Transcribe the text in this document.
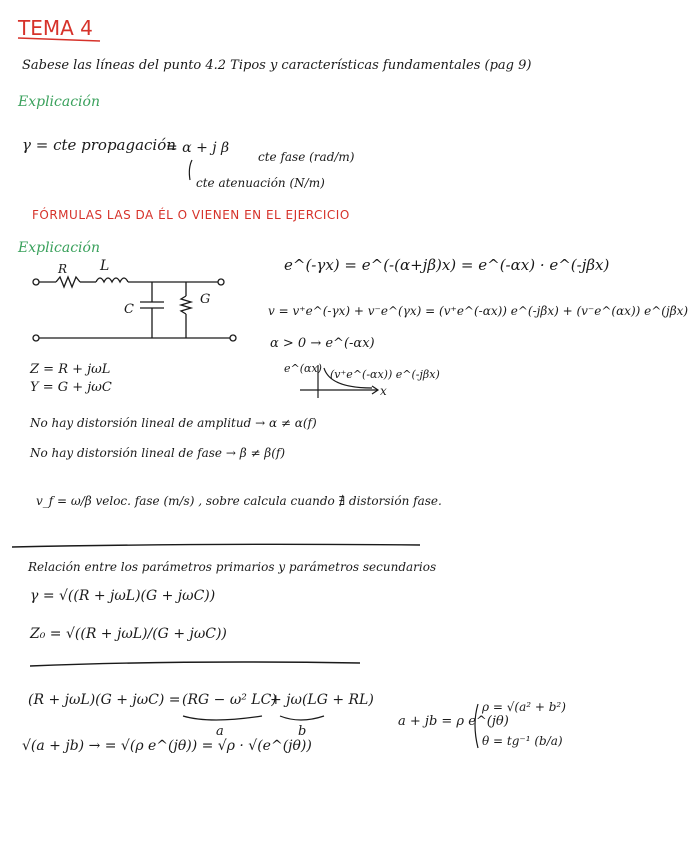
TEMA 4
Sabese las líneas del punto 4.2 Tipos y características fundamentales (pag 9)
Explicación
γ = cte propagación
= α + j β
cte fase (rad/m)
cte atenuación (N/m)
FÓRMULAS LAS DA ÉL O VIENEN EN EL EJERCICIO
Explicación
R L
C
G
e^(-γx) = e^(-(α+jβ)x) = e^(-αx) · e^(-jβx)
v = v⁺e^(-γx) + v⁻e^(γx) = (v⁺e^(-αx)) e^(-jβx) + (v⁻e^(αx)) e^(jβx)
α > 0 → e^(-αx)
e^(αx) (v⁺e^(-αx)) e^(-jβx)
x
Z = R + jωL
Y = G + jωC
No hay distorsión lineal de amplitud → α ≠ α(f)
No hay distorsión lineal de fase → β ≠ β(f)
v_f = ω/β veloc. fase (m/s) , sobre calcula cuando ∄ distorsión fase.
Relación entre los parámetros primarios y parámetros secundarios
γ = √((R + jωL)(G + jωC))
Z₀ = √((R + jωL)/(G + jωC))
(R + jωL)(G + jωC) = (RG − ω² LC)
+ jω(LG + RL)
a	b
a + jb = ρ e^(jθ)
ρ = √(a² + b²)
θ = tg⁻¹ (b/a)
√(a + jb) → = √(ρ e^(jθ)) = √ρ · √(e^(jθ))
